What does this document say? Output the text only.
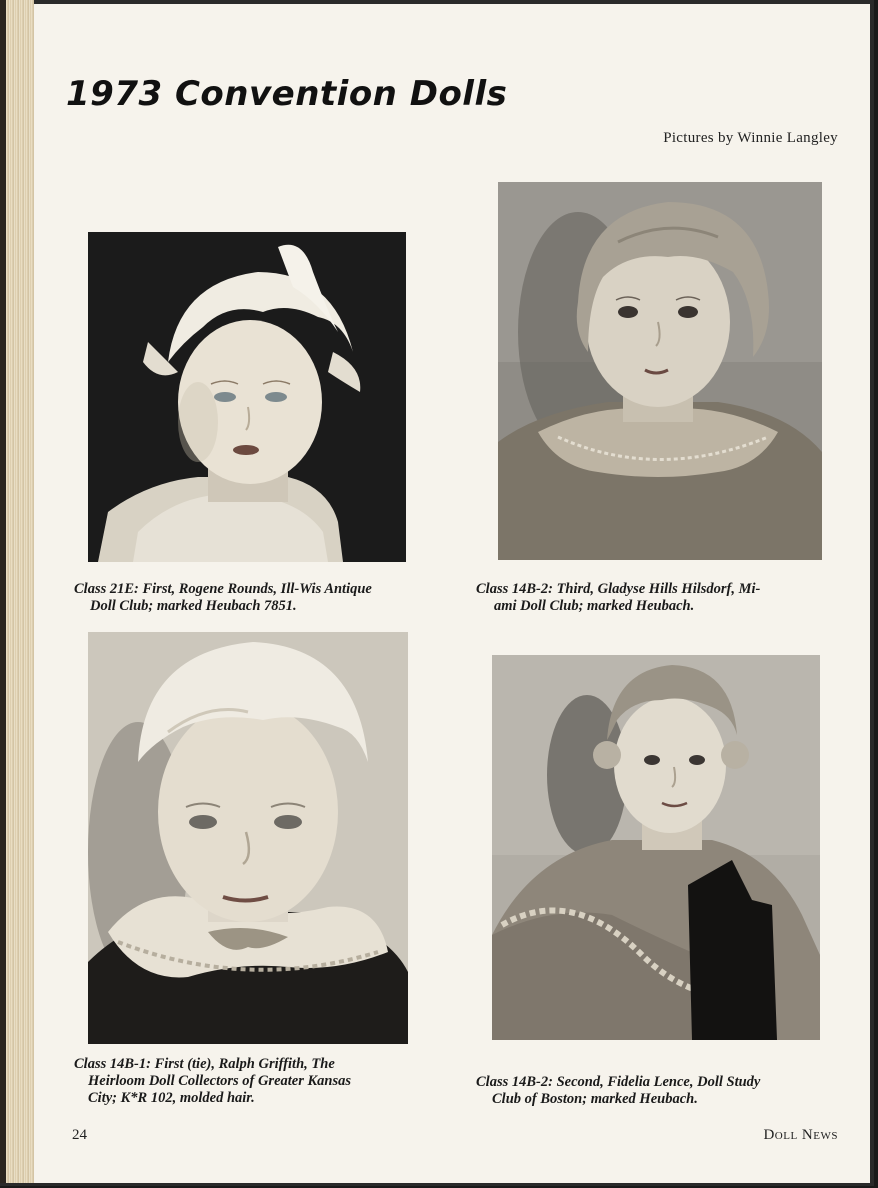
1973 Convention Dolls
Pictures by Winnie Langley

Class 21E: First, Rogene Rounds, Ill-Wis Antique
Doll Club; marked Heubach 7851.

Class 14B-2: Third, Gladyse Hills Hilsdorf, Mi-
ami Doll Club; marked Heubach.

Class 14B-1: First (tie), Ralph Griffith, The
Heirloom Doll Collectors of Greater Kansas
City; K*R 102, molded hair.

Class 14B-2: Second, Fidelia Lence, Doll Study
Club of Boston; marked Heubach.

24	Doll News
